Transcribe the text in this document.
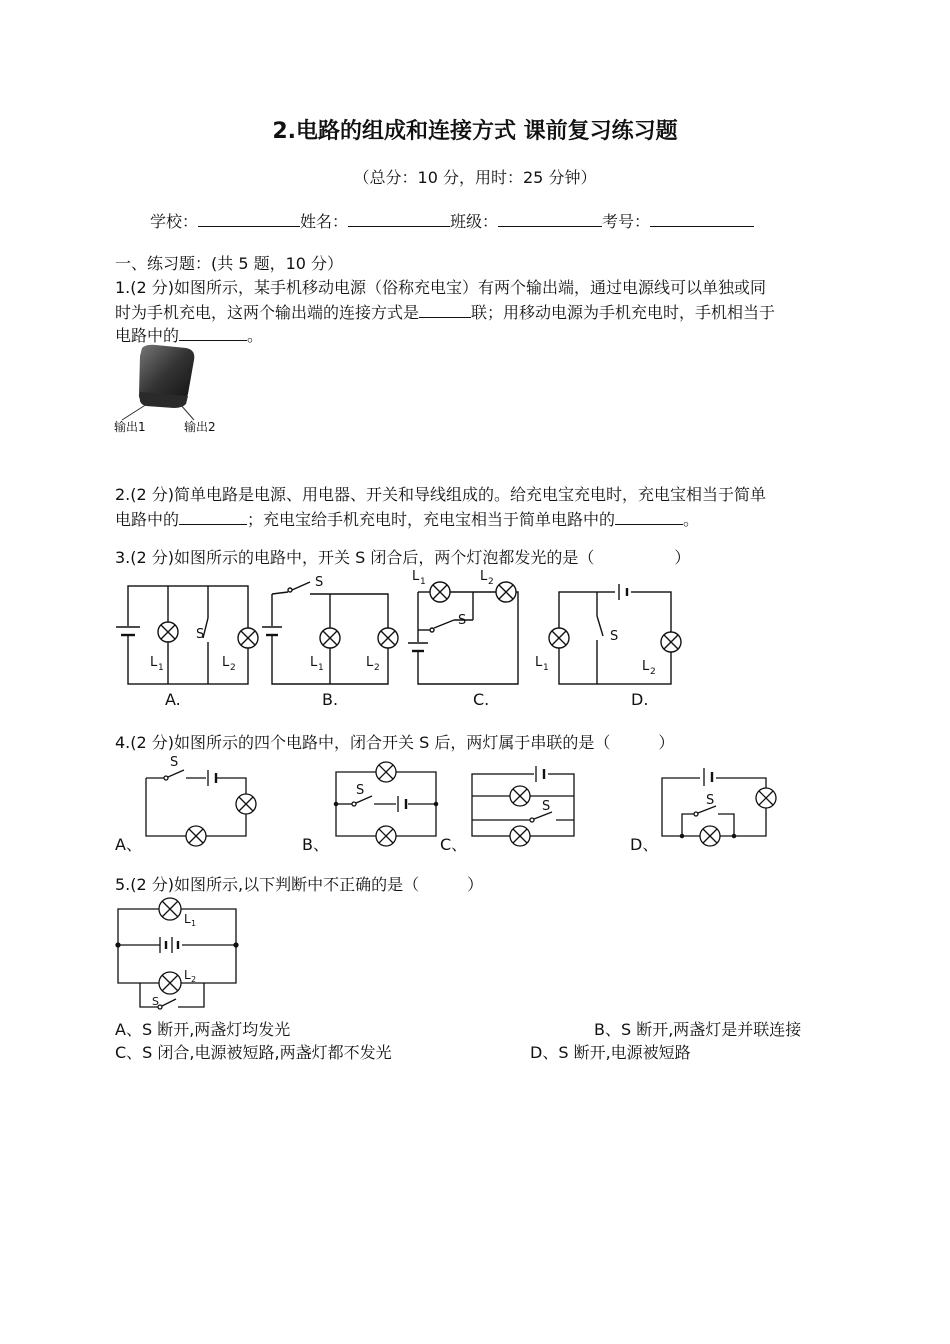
2.电路的组成和连接方式 课前复习练习题
（总分：10 分，用时：25 分钟）
学校：	姓名：	班级：	考号：
一、练习题：(共 5 题，10 分）
1.(2 分)如图所示，某手机移动电源（俗称充电宝）有两个输出端，通过电源线可以单独或同
时为手机充电，这两个输出端的连接方式是	联；用移动电源为手机充电时，手机相当于
电路中的	。
输出1	输出2
2.(2 分)简单电路是电源、用电器、开关和导线组成的。给充电宝充电时，充电宝相当于简单
电路中的	；充电宝给手机充电时，充电宝相当于简单电路中的	。
3.(2 分)如图所示的电路中，开关 S 闭合后，两个灯泡都发光的是（　　　　　）
S
L 1	L 2
S
L 1	L 2
L 1	L 2
S
S
L 1	L 2
A.	B.	C.	D.
4.(2 分)如图所示的四个电路中，闭合开关 S 后，两灯属于串联的是（　　　）
S
S
S	S
A、	B、	C、	D、
5.(2 分)如图所示,以下判断中不正确的是（　　　）
L 1
L 2
S
A、S 断开,两盏灯均发光	B、S 断开,两盏灯是并联连接
C、S 闭合,电源被短路,两盏灯都不发光	D、S 断开,电源被短路
